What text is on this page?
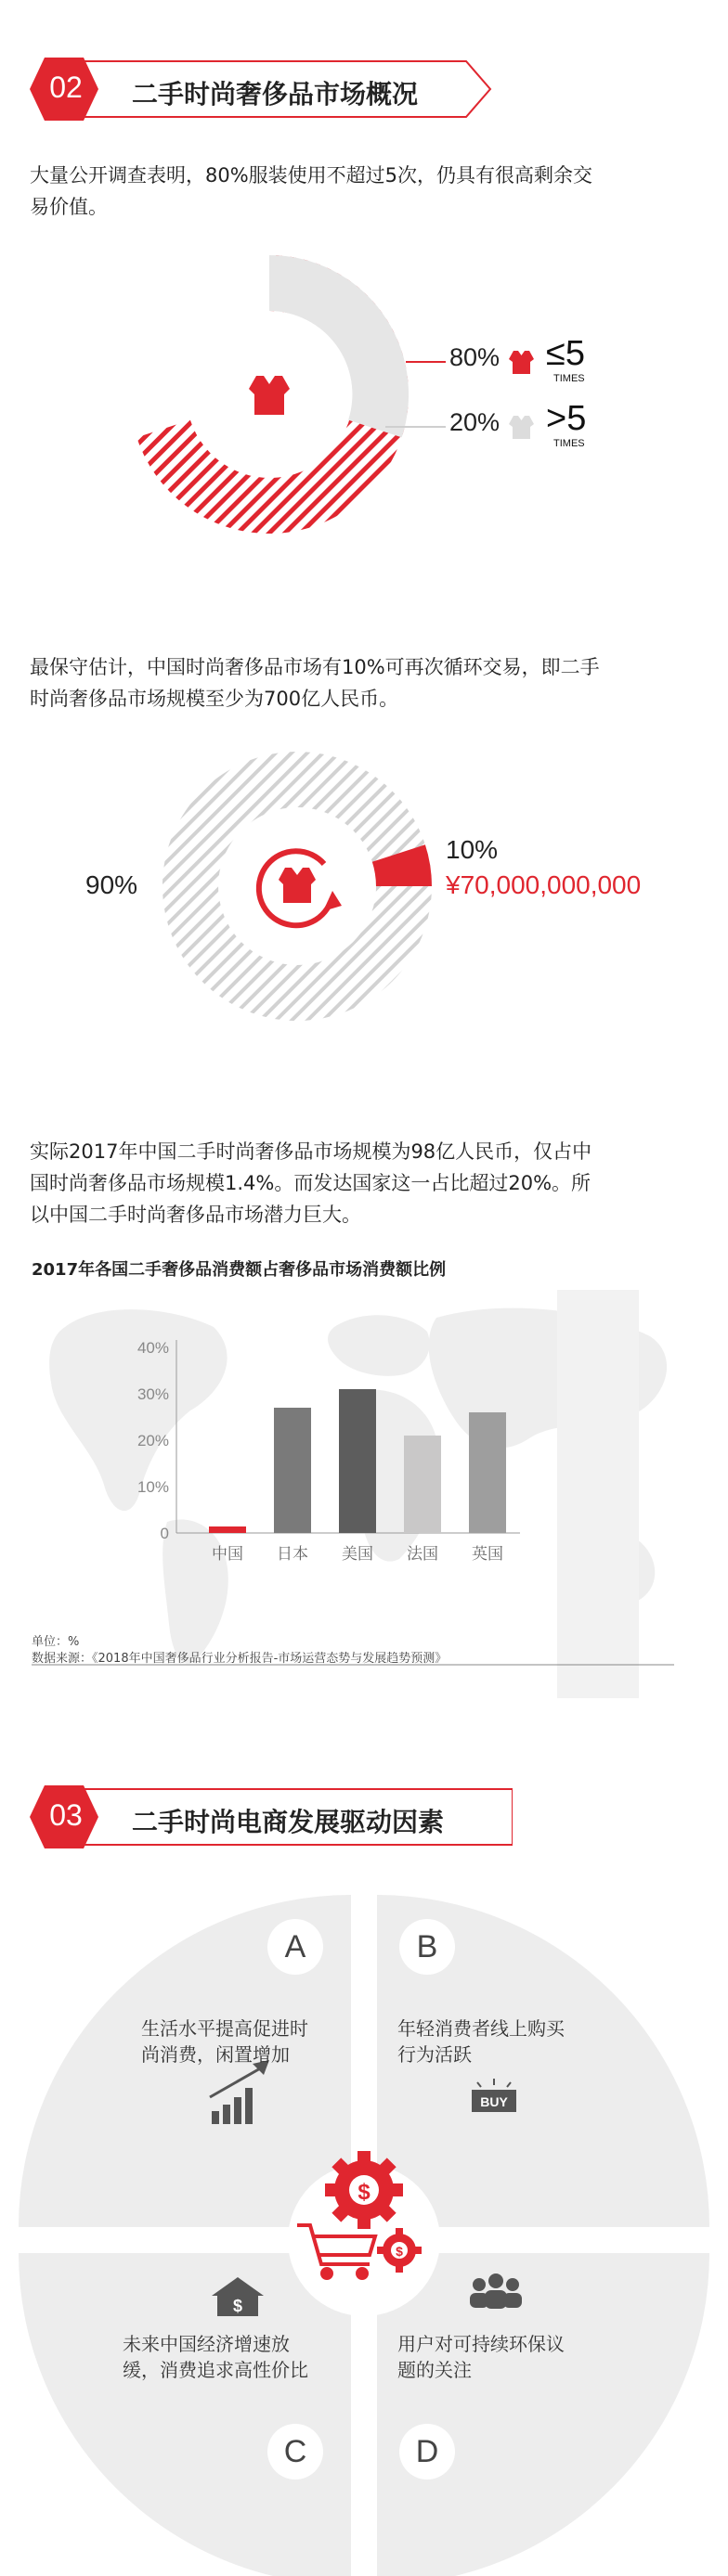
02	二手时尚奢侈品市场概况
大量公开调查表明，80%服装使用不超过5次，仍具有很高剩余交
易价值。
80%
20%
≤5
TIMES
>5
TIMES
最保守估计，中国时尚奢侈品市场有10%可再次循环交易，即二手
时尚奢侈品市场规模至少为700亿人民币。
90%
10%
¥70,000,000,000
实际2017年中国二手时尚奢侈品市场规模为98亿人民币，仅占中
国时尚奢侈品市场规模1.4%。而发达国家这一占比超过20%。所
以中国二手时尚奢侈品市场潜力巨大。
2017年各国二手奢侈品消费额占奢侈品市场消费额比例
0
10%
20%
30%
40%
中国 日本 美国 法国 英国
单位：%
数据来源：《2018年中国奢侈品行业分析报告-市场运营态势与发展趋势预测》
03	二手时尚电商发展驱动因素
$
$
BUY
$
A	B
C	D
生活水平提高促进时
尚消费，闲置增加
年轻消费者线上购买
行为活跃
未来中国经济增速放
缓，消费追求高性价比
用户对可持续环保议
题的关注
